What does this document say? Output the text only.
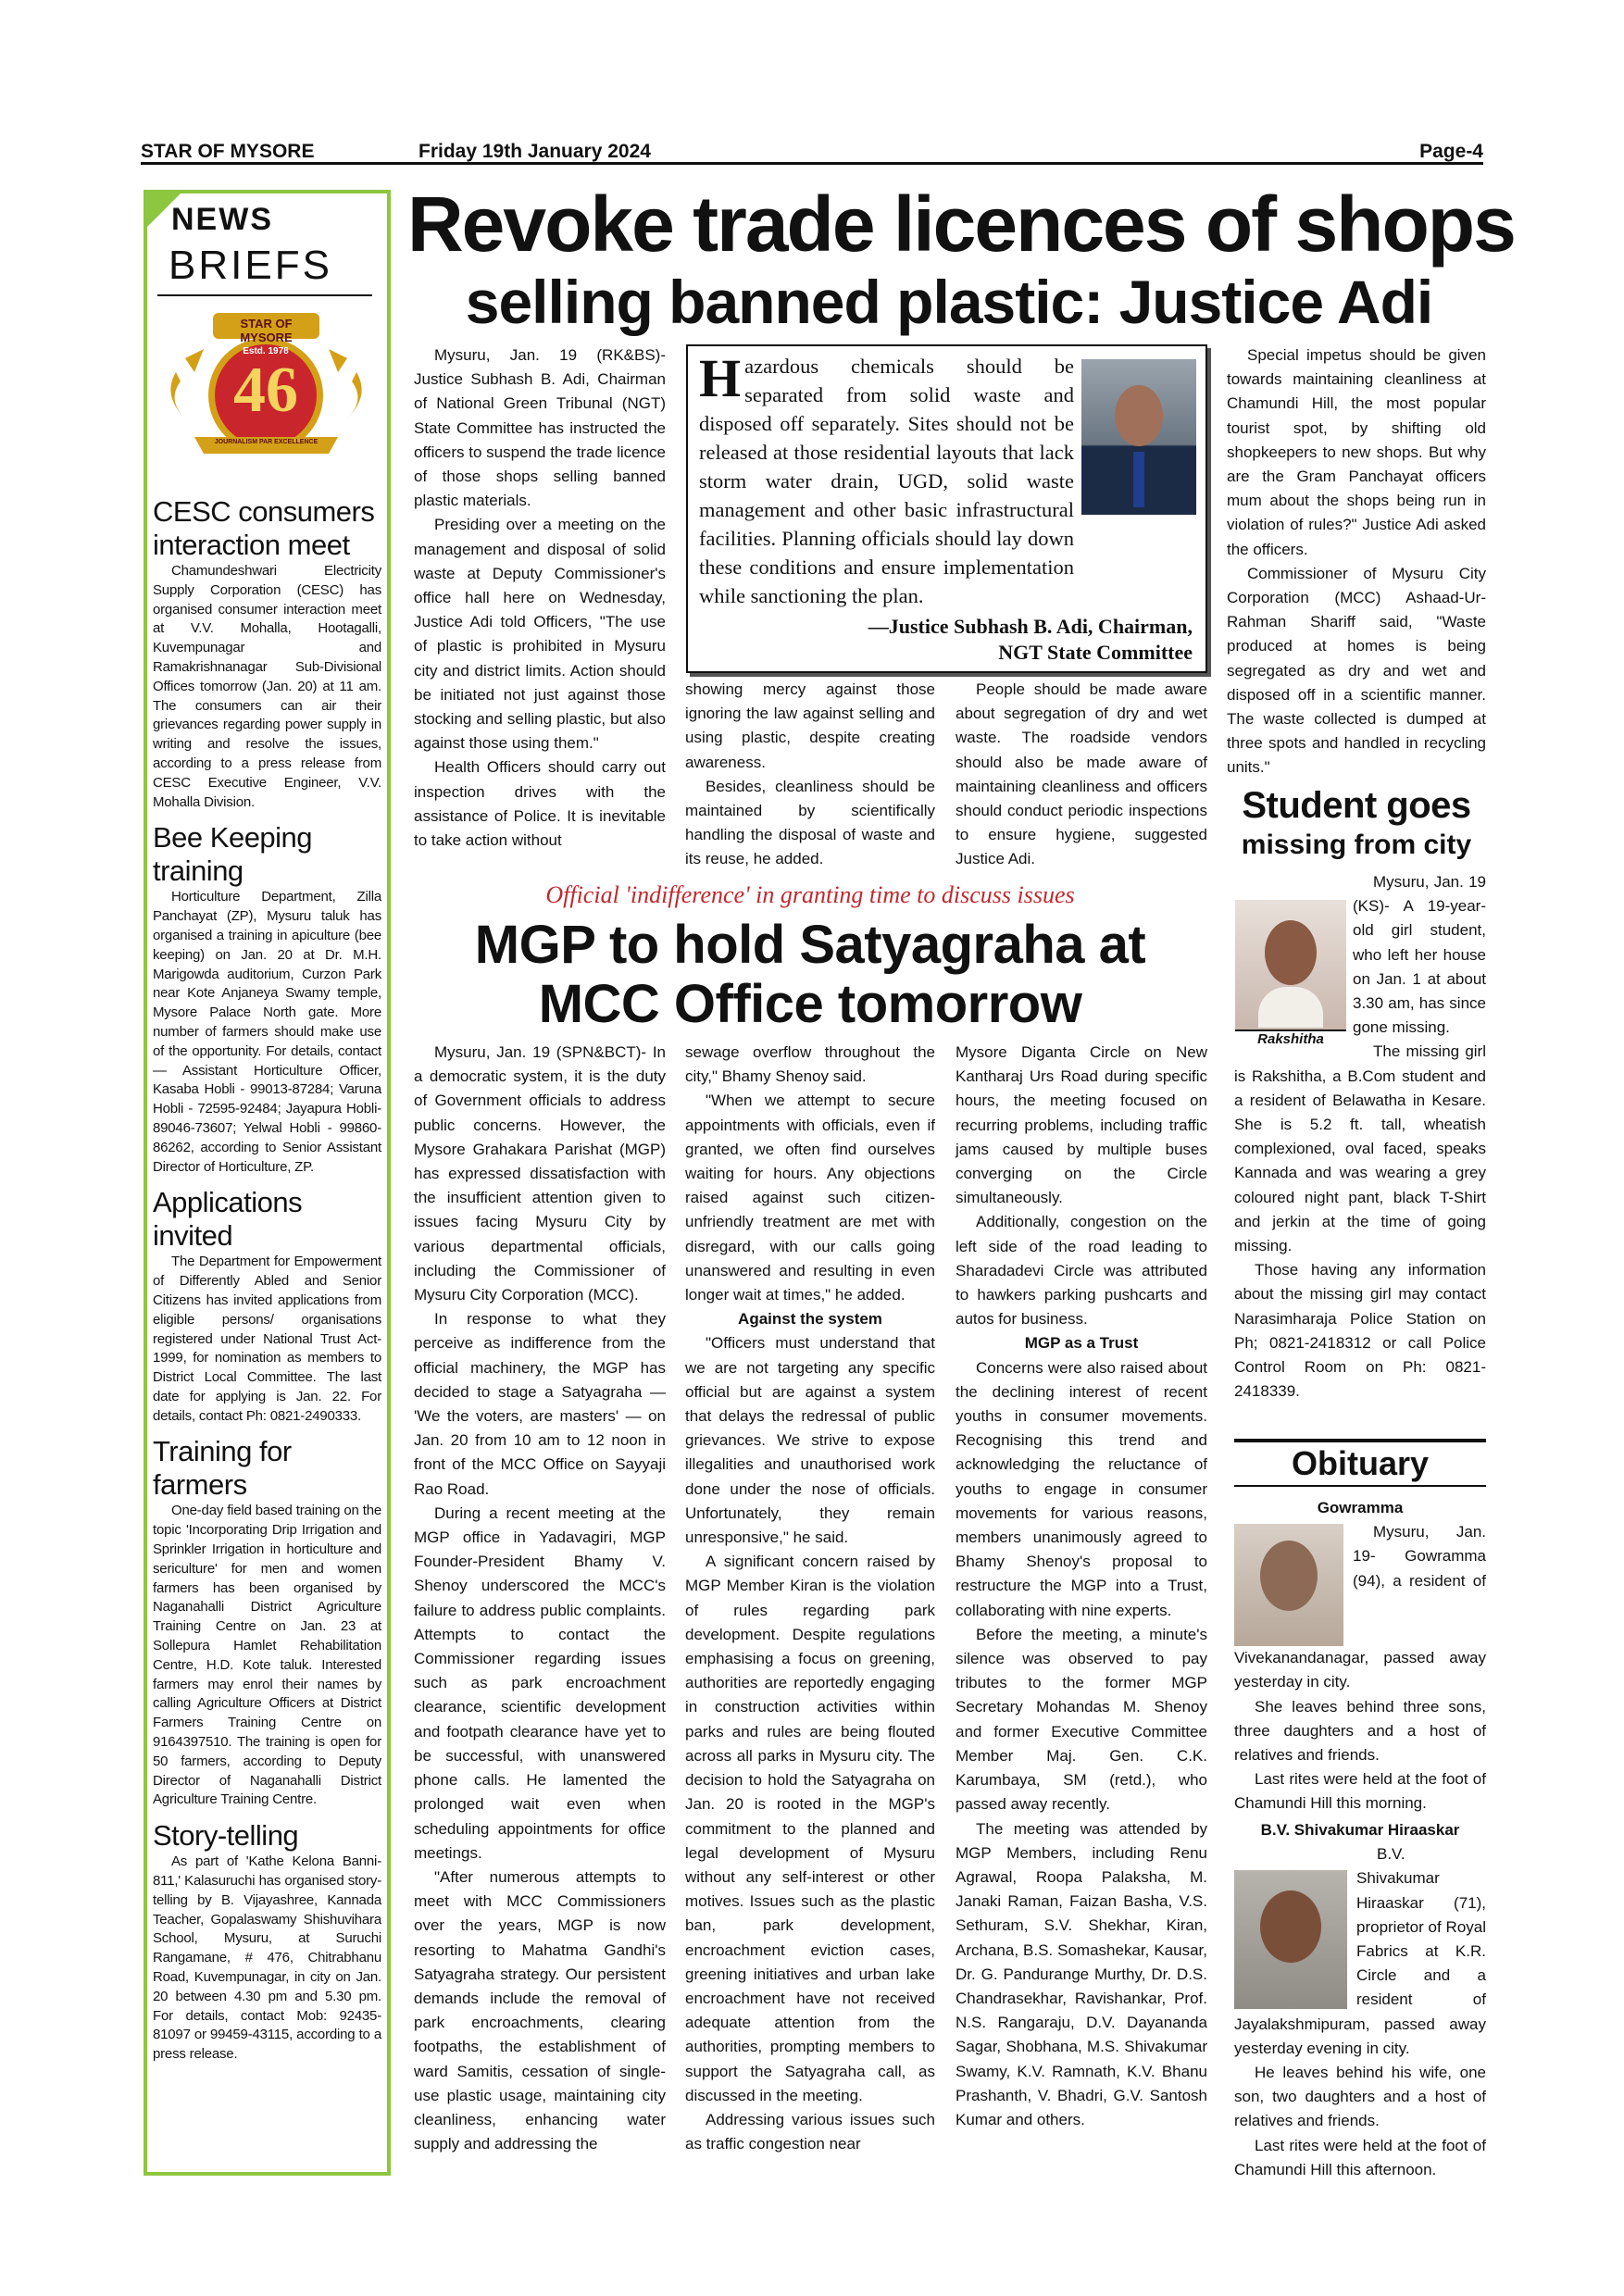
STAR OF MYSORE	Friday 19th January 2024	Page-4
NEWS
BRIEFS
STAR OF MYSORE
Estd. 1978
46
JOURNALISM PAR EXCELLENCE
CESC consumers interaction meet

Chamundeshwari Electricity Supply Corporation (CESC) has organised consumer interaction meet at V.V. Mohalla, Hootagalli, Kuvempunagar and Ramakrishnanagar Sub-Divisional Offices tomorrow (Jan. 20) at 11 am. The consumers can air their grievances regarding power supply in writing and resolve the issues, according to a press release from CESC Executive Engineer, V.V. Mohalla Division.

Bee Keeping training

Horticulture Department, Zilla Panchayat (ZP), Mysuru taluk has organised a training in apiculture (bee keeping) on Jan. 20 at Dr. M.H. Marigowda auditorium, Curzon Park near Kote Anjaneya Swamy temple, Mysore Palace North gate. More number of farmers should make use of the opportunity. For details, contact — Assistant Horticulture Officer, Kasaba Hobli - 99013-87284; Varuna Hobli - 72595-92484; Jayapura Hobli- 89046-73607; Yelwal Hobli - 99860-86262, according to Senior Assistant Director of Horticulture, ZP.

Applications invited

The Department for Empowerment of Differently Abled and Senior Citizens has invited applications from eligible persons/ organisations registered under National Trust Act-1999, for nomination as members to District Local Committee. The last date for applying is Jan. 22. For details, contact Ph: 0821-2490333.

Training for farmers

One-day field based training on the topic 'Incorporating Drip Irrigation and Sprinkler Irrigation in horticulture and sericulture' for men and women farmers has been organised by Naganahalli District Agriculture Training Centre on Jan. 23 at Sollepura Hamlet Rehabilitation Centre, H.D. Kote taluk. Interested farmers may enrol their names by calling Agriculture Officers at District Farmers Training Centre on 9164397510. The training is open for 50 farmers, according to Deputy Director of Naganahalli District Agriculture Training Centre.

Story-telling

As part of 'Kathe Kelona Banni-811,' Kalasuruchi has organised story-telling by B. Vijayashree, Kannada Teacher, Gopalaswamy Shishuvihara School, Mysuru, at Suruchi Rangamane, # 476, Chitrabhanu Road, Kuvempunagar, in city on Jan. 20 between 4.30 pm and 5.30 pm. For details, contact Mob: 92435-81097 or 99459-43115, according to a press release.

Revoke trade licences of shops
selling banned plastic: Justice Adi

Mysuru, Jan. 19 (RK&BS)- Justice Subhash B. Adi, Chairman of National Green Tribunal (NGT) State Committee has instructed the officers to suspend the trade licence of those shops selling banned plastic materials.

Presiding over a meeting on the management and disposal of solid waste at Deputy Commissioner's office hall here on Wednesday, Justice Adi told Officers, "The use of plastic is prohibited in Mysuru city and district limits. Action should be initiated not just against those stocking and selling plastic, but also against those using them."

Health Officers should carry out inspection drives with the assistance of Police. It is inevitable to take action without

H azardous chemicals should be separated from solid waste and disposed off separately. Sites should not be released at those residential layouts that lack storm water drain, UGD, solid waste management and other basic infrastructural facilities. Planning officials should lay down these conditions and ensure implementation while sanctioning the plan.
—Justice Subhash B. Adi, Chairman,
NGT State Committee

showing mercy against those ignoring the law against selling and using plastic, despite creating awareness.

Besides, cleanliness should be maintained by scientifically handling the disposal of waste and its reuse, he added.

People should be made aware about segregation of dry and wet waste. The roadside vendors should also be made aware of maintaining cleanliness and officers should conduct periodic inspections to ensure hygiene, suggested Justice Adi.

Special impetus should be given towards maintaining cleanliness at Chamundi Hill, the most popular tourist spot, by shifting old shopkeepers to new shops. But why are the Gram Panchayat officers mum about the shops being run in violation of rules?" Justice Adi asked the officers.

Commissioner of Mysuru City Corporation (MCC) Ashaad-Ur-Rahman Shariff said, "Waste produced at homes is being segregated as dry and wet and disposed off in a scientific manner. The waste collected is dumped at three spots and handled in recycling units."

Official 'indifference' in granting time to discuss issues
MGP to hold Satyagraha at
MCC Office tomorrow

Mysuru, Jan. 19 (SPN&BCT)- In a democratic system, it is the duty of Government officials to address public concerns. However, the Mysore Grahakara Parishat (MGP) has expressed dissatisfaction with the insufficient attention given to issues facing Mysuru City by various departmental officials, including the Commissioner of Mysuru City Corporation (MCC).

In response to what they perceive as indifference from the official machinery, the MGP has decided to stage a Satyagraha — 'We the voters, are masters' — on Jan. 20 from 10 am to 12 noon in front of the MCC Office on Sayyaji Rao Road.

During a recent meeting at the MGP office in Yadavagiri, MGP Founder-President Bhamy V. Shenoy underscored the MCC's failure to address public complaints. Attempts to contact the Commissioner regarding issues such as park encroachment clearance, scientific development and footpath clearance have yet to be successful, with unanswered phone calls. He lamented the prolonged wait even when scheduling appointments for office meetings.

"After numerous attempts to meet with MCC Commissioners over the years, MGP is now resorting to Mahatma Gandhi's Satyagraha strategy. Our persistent demands include the removal of park encroachments, clearing footpaths, the establishment of ward Samitis, cessation of single-use plastic usage, maintaining city cleanliness, enhancing water supply and addressing the

sewage overflow throughout the city," Bhamy Shenoy said.

"When we attempt to secure appointments with officials, even if granted, we often find ourselves waiting for hours. Any objections raised against such citizen-unfriendly treatment are met with disregard, with our calls going unanswered and resulting in even longer wait at times," he added.

Against the system

"Officers must understand that we are not targeting any specific official but are against a system that delays the redressal of public grievances. We strive to expose illegalities and unauthorised work done under the nose of officials. Unfortunately, they remain unresponsive," he said.

A significant concern raised by MGP Member Kiran is the violation of rules regarding park development. Despite regulations emphasising a focus on greening, authorities are reportedly engaging in construction activities within parks and rules are being flouted across all parks in Mysuru city. The decision to hold the Satyagraha on Jan. 20 is rooted in the MGP's commitment to the planned and legal development of Mysuru without any self-interest or other motives. Issues such as the plastic ban, park development, encroachment eviction cases, greening initiatives and urban lake encroachment have not received adequate attention from the authorities, prompting members to support the Satyagraha call, as discussed in the meeting.

Addressing various issues such as traffic congestion near

Mysore Diganta Circle on New Kantharaj Urs Road during specific hours, the meeting focused on recurring problems, including traffic jams caused by multiple buses converging on the Circle simultaneously.

Additionally, congestion on the left side of the road leading to Sharadadevi Circle was attributed to hawkers parking pushcarts and autos for business.

MGP as a Trust

Concerns were also raised about the declining interest of recent youths in consumer movements. Recognising this trend and acknowledging the reluctance of youths to engage in consumer movements for various reasons, members unanimously agreed to Bhamy Shenoy's proposal to restructure the MGP into a Trust, collaborating with nine experts.

Before the meeting, a minute's silence was observed to pay tributes to the former MGP Secretary Mohandas M. Shenoy and former Executive Committee Member Maj. Gen. C.K. Karumbaya, SM (retd.), who passed away recently.

The meeting was attended by MGP Members, including Renu Agrawal, Roopa Palaksha, M. Janaki Raman, Faizan Basha, V.S. Sethuram, S.V. Shekhar, Kiran, Archana, B.S. Somashekar, Kausar, Dr. G. Pandurange Murthy, Dr. D.S. Chandrasekhar, Ravishankar, Prof. N.S. Rangaraju, D.V. Dayananda Sagar, Shobhana, M.S. Shivakumar Swamy, K.V. Ramnath, K.V. Bhanu Prashanth, V. Bhadri, G.V. Santosh Kumar and others.

Student goes
missing from city
Rakshitha

Mysuru, Jan. 19 (KS)- A 19-year-old girl student, who left her house on Jan. 1 at about 3.30 am, has since gone missing.

The missing girl is Rakshitha, a B.Com student and a resident of Belawatha in Kesare. She is 5.2 ft. tall, wheatish complexioned, oval faced, speaks Kannada and was wearing a grey coloured night pant, black T-Shirt and jerkin at the time of going missing.

Those having any information about the missing girl may contact Narasimharaja Police Station on Ph; 0821-2418312 or call Police Control Room on Ph: 0821-2418339.

Obituary

Gowramma

Mysuru, Jan. 19- Gowramma (94), a resident of Vivekanandanagar, passed away yesterday in city.

She leaves behind three sons, three daughters and a host of relatives and friends.

Last rites were held at the foot of Chamundi Hill this morning.

B.V. Shivakumar Hiraaskar

B.V. Shivakumar Hiraaskar (71), proprietor of Royal Fabrics at K.R. Circle and a resident of Jayalakshmipuram, passed away yesterday evening in city.

He leaves behind his wife, one son, two daughters and a host of relatives and friends.

Last rites were held at the foot of Chamundi Hill this afternoon.
